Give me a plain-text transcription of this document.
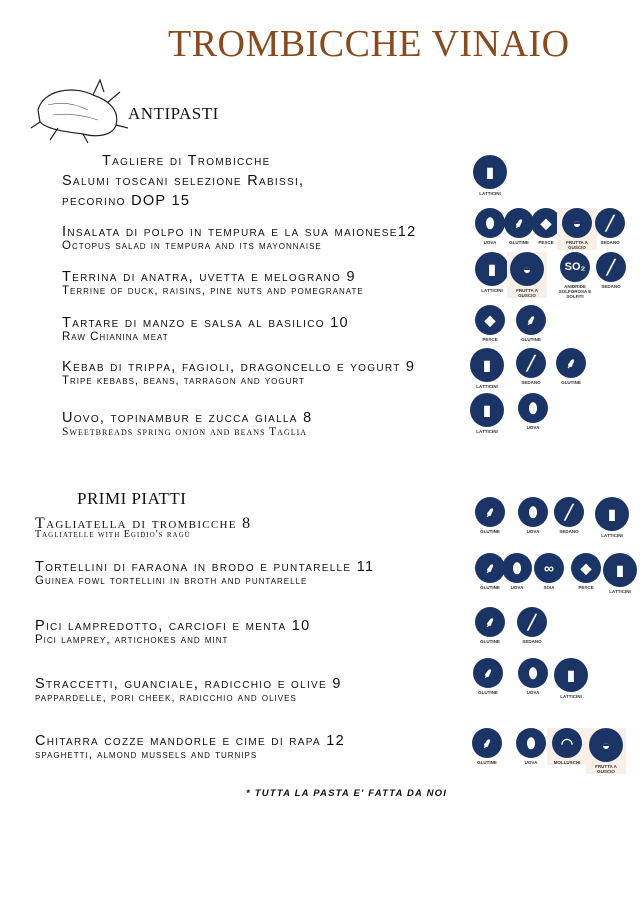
TROMBICCHE VINAIO
ANTIPASTI
Tagliere di Trombicche
Salumi toscani selezione Rabissi,
pecorino DOP 15
Insalata di polpo in tempura e la sua maionese12
Octopus salad in tempura and its mayonnaise
Terrina di anatra, uvetta e melograno 9
Terrine of duck, raisins, pine nuts and pomegranate
Tartare di manzo e salsa al basilico 10
Raw Chianina meat
Kebab di trippa, fagioli, dragoncello e yogurt 9
Tripe kebabs, beans, tarragon and yogurt
Uovo, topinambur e zucca gialla 8
Sweetbreads spring onion and beans Taglia
PRIMI PIATTI
Tagliatella di trombicche 8
Tagliatelle with Egidio's ragù
Tortellini di faraona in brodo e puntarelle 11
Guinea fowl tortellini in broth and puntarelle
Pici lampredotto, carciofi e menta 10
Pici lamprey, artichokes and mint
Straccetti, guanciale, radicchio e olive 9
pappardelle, pori cheek, radicchio and olives
Chitarra cozze mandorle e cime di rapa 12
spaghetti, almond mussels and turnips
* TUTTA LA PASTA E' FATTA DA NOI
▮
LATTICINI
⬮
UOVA
⸙
GLUTINE
◆
PESCE
◒
FRUTTA A GUSCIO
╱
SEDANO
▮
LATTICINI
◒
FRUTTA A GUSCIO
SO₂
ANIDRIDE SOLFOROSA E SOLFITI
╱
SEDANO
◆
PESCE
⸙
GLUTINE
▮
LATTICINI
╱
SEDANO
⸙
GLUTINE
▮
LATTICINI
⬮
UOVA
⸙
GLUTINE
⬮
UOVA
╱
SEDANO
▮
LATTICINI
⸙
GLUTINE
⬮
UOVA
∞
SOIA
◆
PESCE
▮
LATTICINI
⸙
GLUTINE
╱
SEDANO
⸙
GLUTINE
⬮
UOVA
▮
LATTICINI
⸙
GLUTINE
⬮
UOVA
◠
MOLLUSCHI
◒
FRUTTA A GUSCIO
